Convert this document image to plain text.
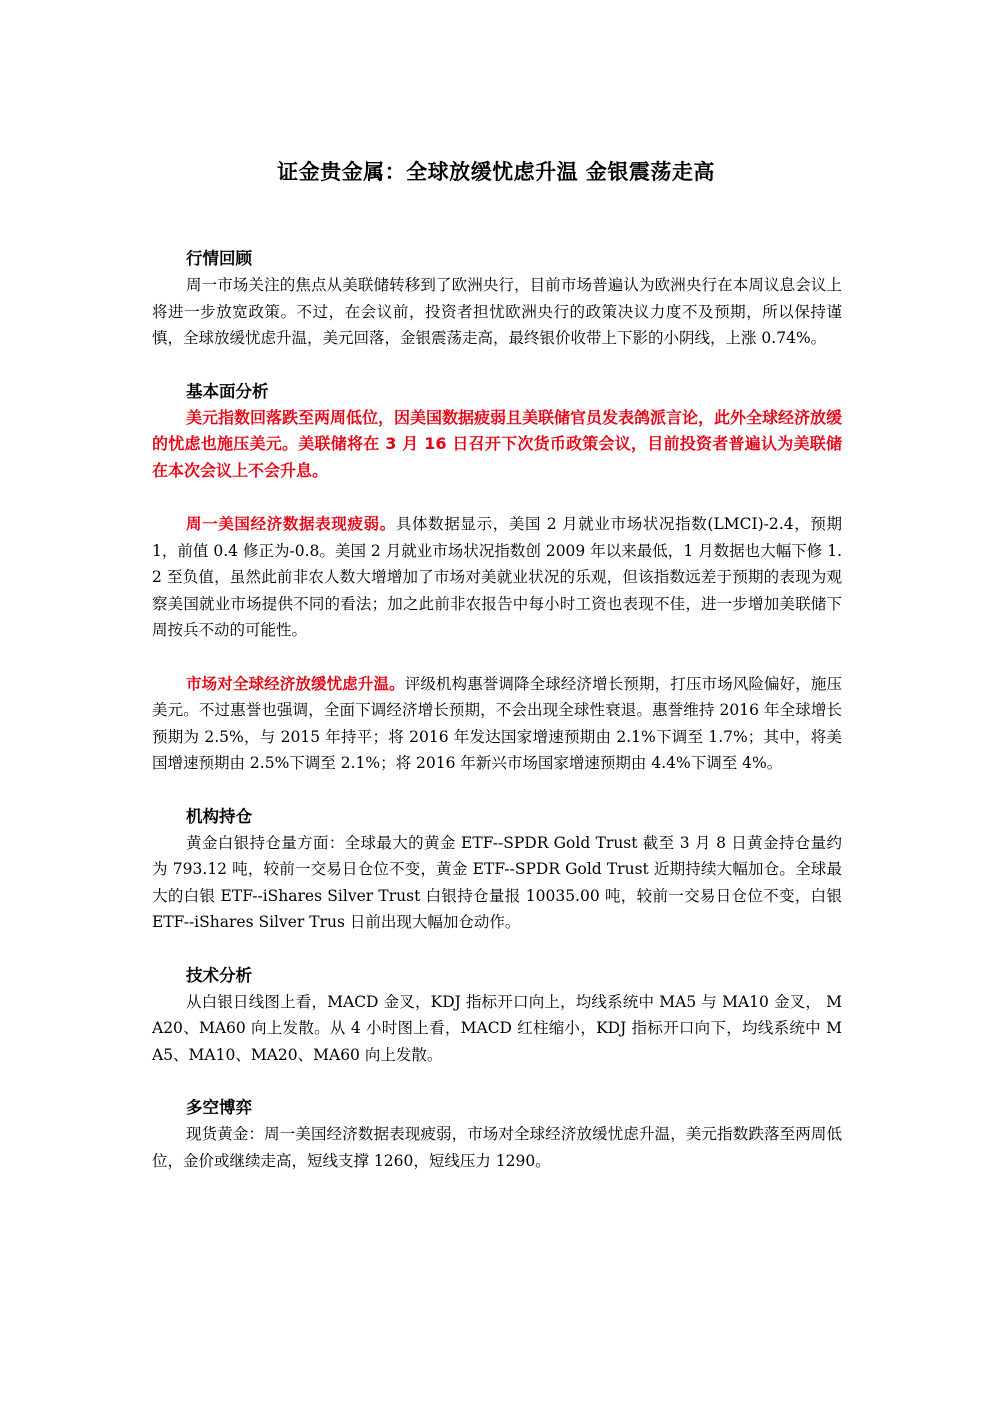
证金贵金属：全球放缓忧虑升温 金银震荡走高

行情回顾

周一市场关注的焦点从美联储转移到了欧洲央行，目前市场普遍认为欧洲央行在本周议息会议上将进一步放宽政策。不过，在会议前，投资者担忧欧洲央行的政策决议力度不及预期，所以保持谨慎，全球放缓忧虑升温，美元回落，金银震荡走高，最终银价收带上下影的小阴线，上涨 0.74%。

基本面分析

美元指数回落跌至两周低位，因美国数据疲弱且美联储官员发表鸽派言论，此外全球经济放缓的忧虑也施压美元。美联储将在 3 月 16 日召开下次货币政策会议，目前投资者普遍认为美联储在本次会议上不会升息。

周一美国经济数据表现疲弱。具体数据显示，美国 2 月就业市场状况指数(LMCI)-2.4，预期 1，前值 0.4 修正为-0.8。美国 2 月就业市场状况指数创 2009 年以来最低，1 月数据也大幅下修 1.2 至负值，虽然此前非农人数大增增加了市场对美就业状况的乐观，但该指数远差于预期的表现为观察美国就业市场提供不同的看法；加之此前非农报告中每小时工资也表现不佳，进一步增加美联储下周按兵不动的可能性。

市场对全球经济放缓忧虑升温。评级机构惠誉调降全球经济增长预期，打压市场风险偏好，施压美元。不过惠誉也强调，全面下调经济增长预期，不会出现全球性衰退。惠誉维持 2016 年全球增长预期为 2.5%，与 2015 年持平；将 2016 年发达国家增速预期由 2.1%下调至 1.7%；其中，将美国增速预期由 2.5%下调至 2.1%；将 2016 年新兴市场国家增速预期由 4.4%下调至 4%。

机构持仓

黄金白银持仓量方面：全球最大的黄金 ETF--SPDR Gold Trust 截至 3 月 8 日黄金持仓量约为 793.12 吨，较前一交易日仓位不变，黄金 ETF--SPDR Gold Trust 近期持续大幅加仓。全球最大的白银 ETF--iShares Silver Trust 白银持仓量报 10035.00 吨，较前一交易日仓位不变，白银 ETF--iShares Silver Trus 日前出现大幅加仓动作。

技术分析

从白银日线图上看，MACD 金叉，KDJ 指标开口向上，均线系统中 MA5 与 MA10 金叉， MA20、MA60 向上发散。从 4 小时图上看，MACD 红柱缩小，KDJ 指标开口向下，均线系统中 MA5、MA10、MA20、MA60 向上发散。

多空博弈

现货黄金：周一美国经济数据表现疲弱，市场对全球经济放缓忧虑升温，美元指数跌落至两周低位，金价或继续走高，短线支撑 1260，短线压力 1290。
